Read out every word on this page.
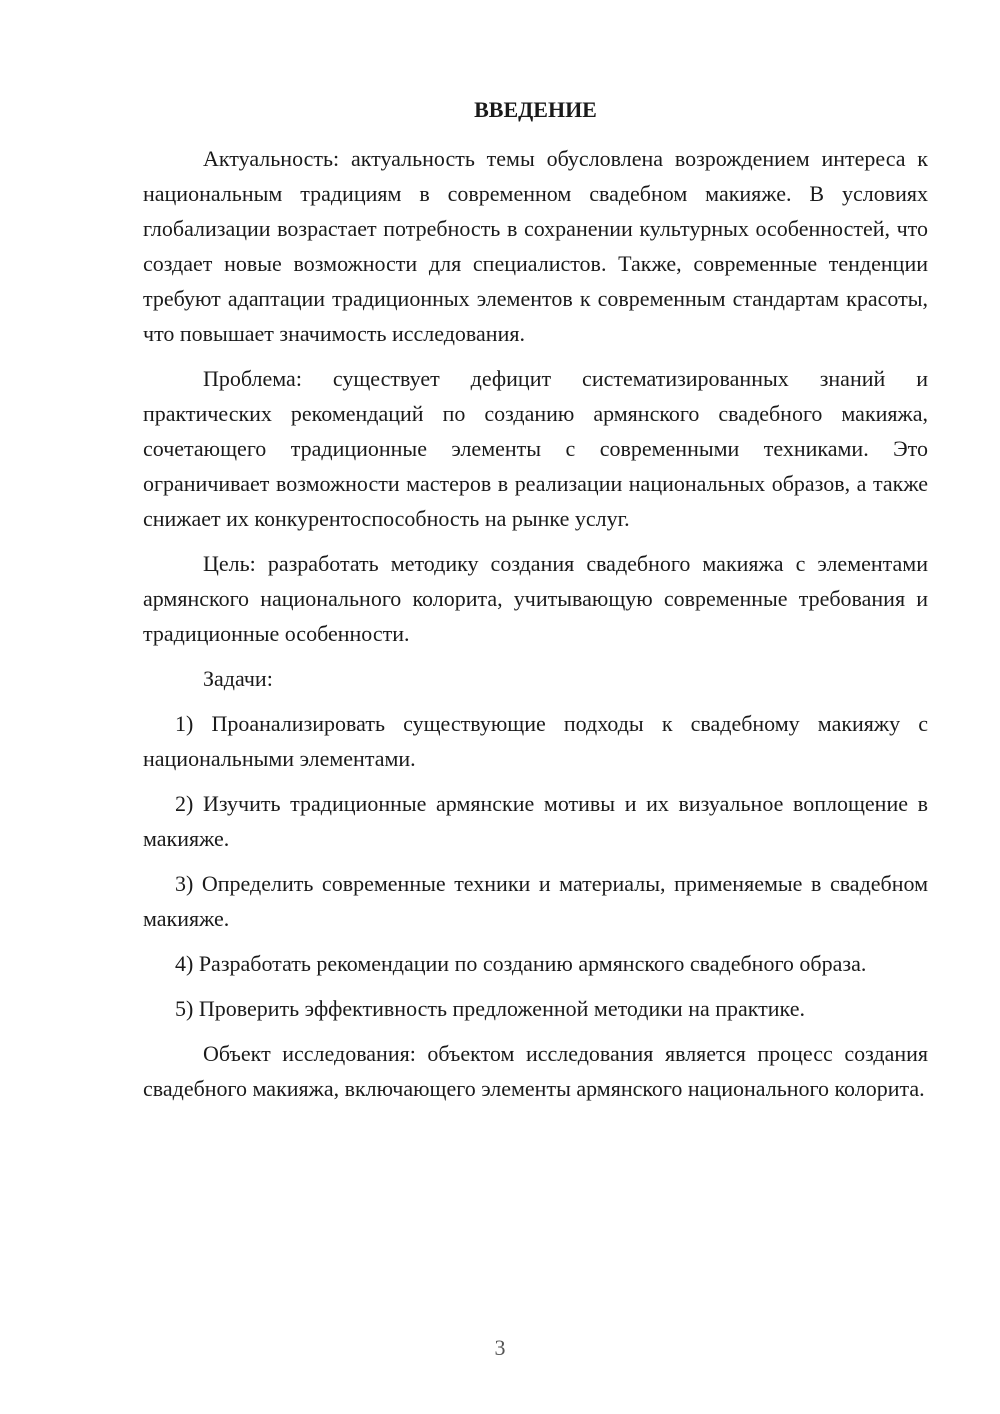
ВВЕДЕНИЕ

Актуальность: актуальность темы обусловлена возрождением интереса к национальным традициям в современном свадебном макияже. В условиях глобализации возрастает потребность в сохранении культурных особенностей, что создает новые возможности для специалистов. Также, современные тенденции требуют адаптации традиционных элементов к современным стандартам красоты, что повышает значимость исследования.

Проблема: существует дефицит систематизированных знаний и практических рекомендаций по созданию армянского свадебного макияжа, сочетающего традиционные элементы с современными техниками. Это ограничивает возможности мастеров в реализации национальных образов, а также снижает их конкурентоспособность на рынке услуг.

Цель: разработать методику создания свадебного макияжа с элементами армянского национального колорита, учитывающую современные требования и традиционные особенности.

Задачи:

1) Проанализировать существующие подходы к свадебному макияжу с национальными элементами.

2) Изучить традиционные армянские мотивы и их визуальное воплощение в макияже.

3) Определить современные техники и материалы, применяемые в свадебном макияже.

4) Разработать рекомендации по созданию армянского свадебного образа.

5) Проверить эффективность предложенной методики на практике.

Объект исследования: объектом исследования является процесс создания свадебного макияжа, включающего элементы армянского национального колорита.

3
